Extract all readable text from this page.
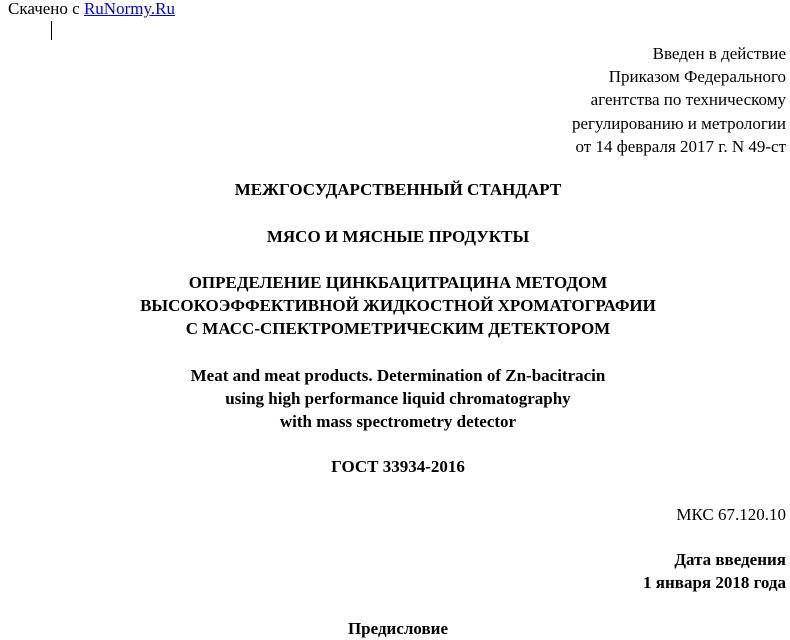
Скачено с RuNormy.Ru
Введен в действие
Приказом Федерального
агентства по техническому
регулированию и метрологии
от 14 февраля 2017 г. N 49-ст
МЕЖГОСУДАРСТВЕННЫЙ СТАНДАРТ
МЯСО И МЯСНЫЕ ПРОДУКТЫ
ОПРЕДЕЛЕНИЕ ЦИНКБАЦИТРАЦИНА МЕТОДОМ
ВЫСОКОЭФФЕКТИВНОЙ ЖИДКОСТНОЙ ХРОМАТОГРАФИИ
С МАСС-СПЕКТРОМЕТРИЧЕСКИМ ДЕТЕКТОРОМ
Meat and meat products. Determination of Zn-bacitracin
using high performance liquid chromatography
with mass spectrometry detector
ГОСТ 33934-2016
МКС 67.120.10
Дата введения
1 января 2018 года
Предисловие
